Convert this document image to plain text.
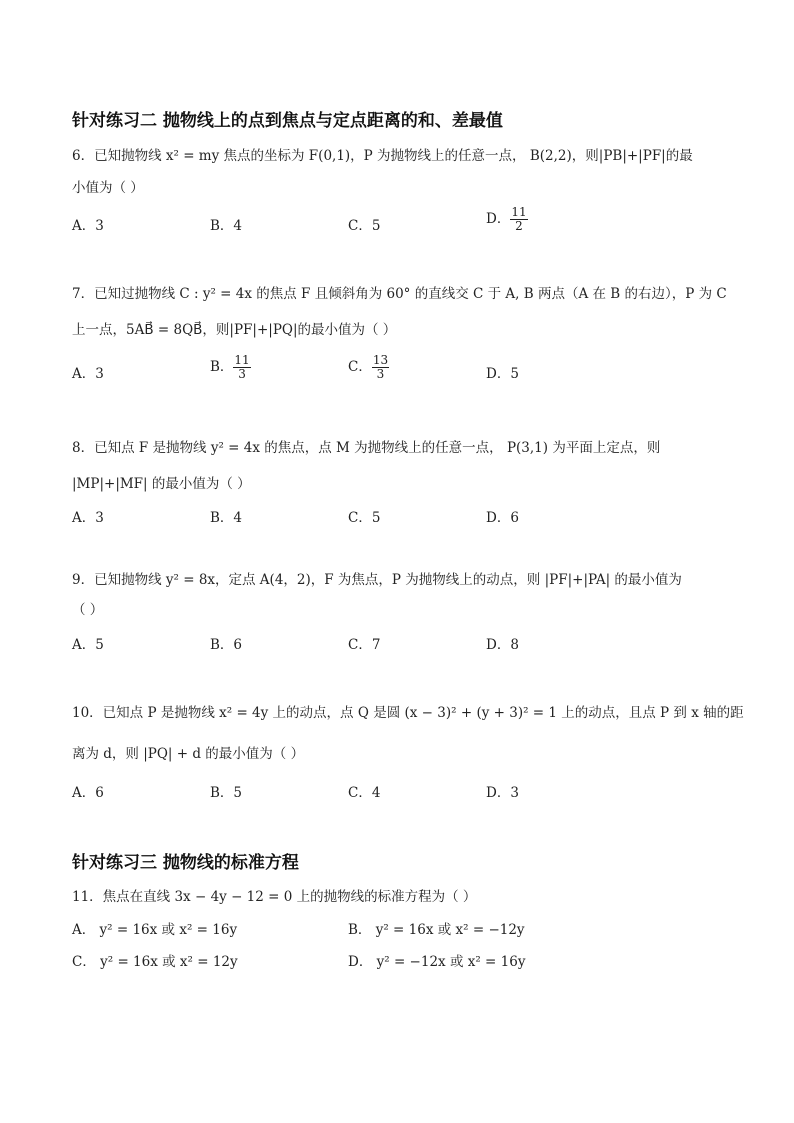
针对练习二 抛物线上的点到焦点与定点距离的和、差最值
6．已知抛物线 x² = my 焦点的坐标为 F(0,1)，P 为抛物线上的任意一点， B(2,2)，则|PB|+|PF|的最
小值为（ ）
A．3	B．4	C．5	D． $\frac{11}{2}$
7．已知过抛物线 C : y² = 4x 的焦点 F 且倾斜角为 60° 的直线交 C 于 A, B 两点（A 在 B 的右边），P 为 C
上一点，5AB⃗ = 8QB⃗，则|PF|+|PQ|的最小值为（ ）
A．3	B． $\frac{11}{3}$	C． $\frac{13}{3}$	D．5
8．已知点 F 是抛物线 y² = 4x 的焦点，点 M 为抛物线上的任意一点， P(3,1) 为平面上定点，则
|MP|+|MF| 的最小值为（ ）
A．3	B．4	C．5	D．6
9．已知抛物线 y² = 8x，定点 A(4，2)，F 为焦点，P 为抛物线上的动点，则 |PF|+|PA| 的最小值为
（ ）
A．5	B．6	C．7	D．8
10．已知点 P 是抛物线 x² = 4y 上的动点，点 Q 是圆 (x − 3)² + (y + 3)² = 1 上的动点，且点 P 到 x 轴的距
离为 d，则 |PQ| + d 的最小值为（ ）
A．6	B．5	C．4	D．3
针对练习三 抛物线的标准方程
11．焦点在直线 3x − 4y − 12 = 0 上的抛物线的标准方程为（ ）
A． y² = 16x 或 x² = 16y	B． y² = 16x 或 x² = −12y
C． y² = 16x 或 x² = 12y	D． y² = −12x 或 x² = 16y
